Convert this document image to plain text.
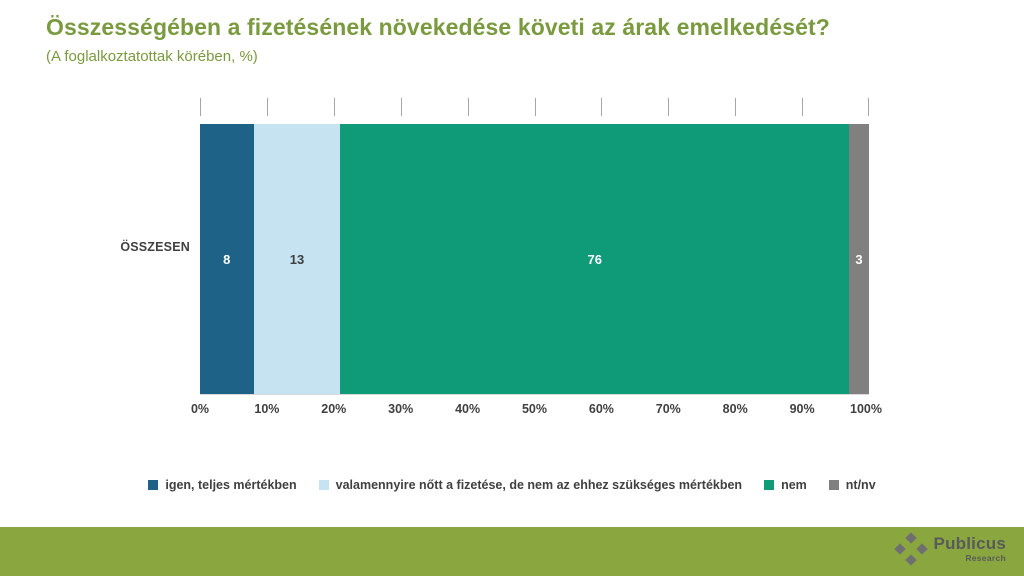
Összességében a fizetésének növekedése követi az árak emelkedését?
(A foglalkoztatottak körében, %)
ÖSSZESEN
8	13	76	3
0%	10%	20%	30%	40%	50%	60%	70%	80%	90%	100%
igen, teljes mértékben	valamennyire nőtt a fizetése, de nem az ehhez szükséges mértékben	nem	nt/nv
Publicus
Research
